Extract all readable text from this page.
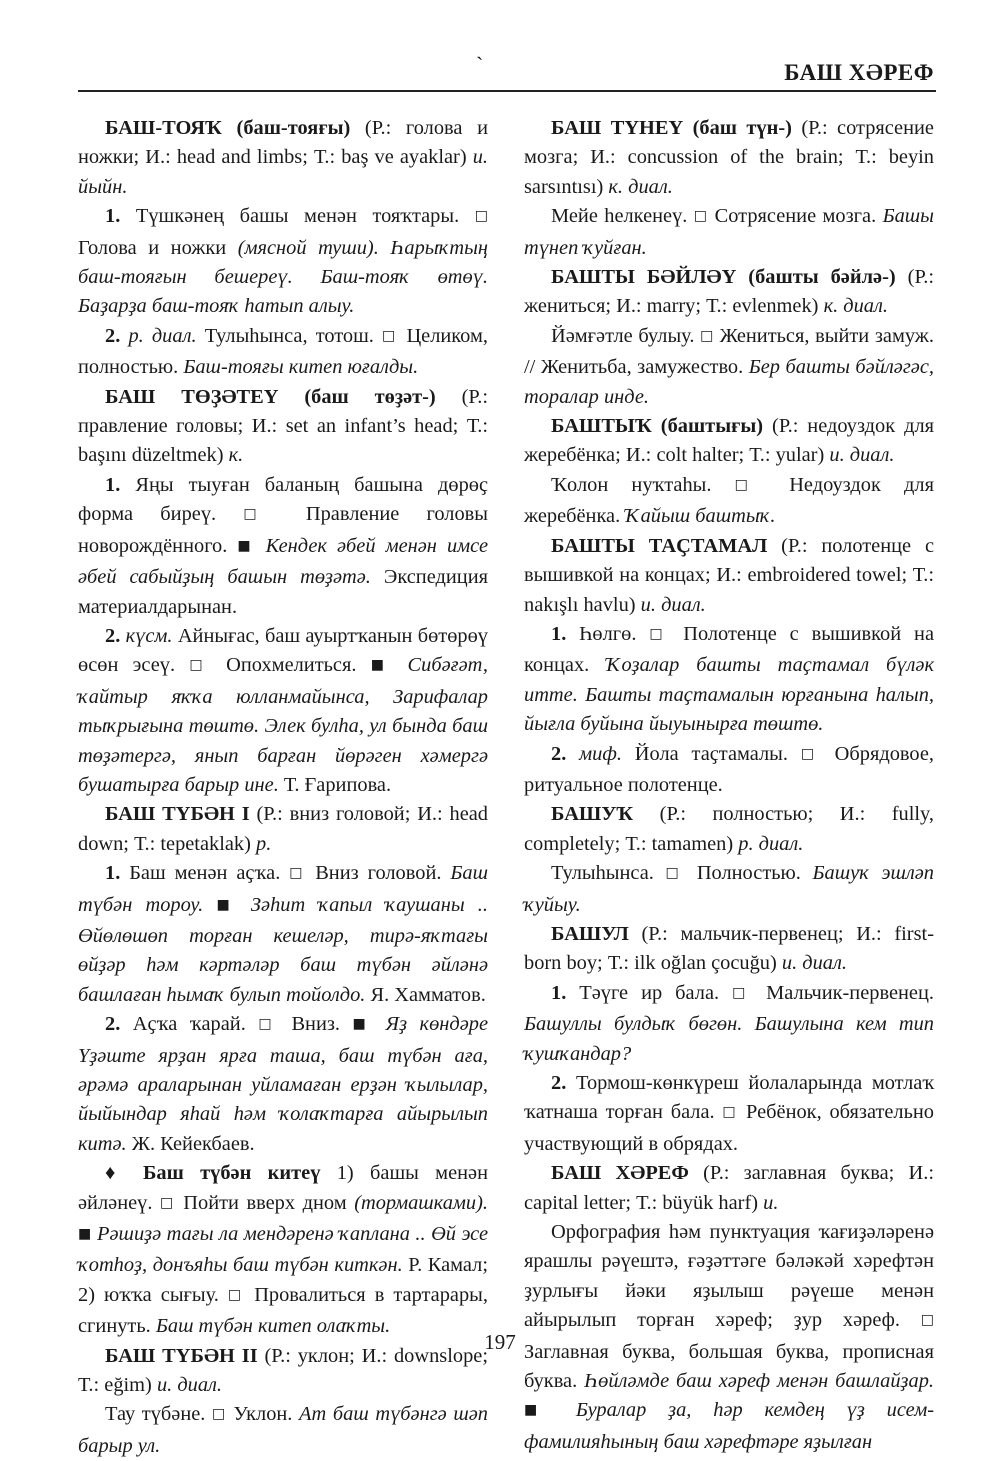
`	БАШ ХӘРЕФ

БАШ-ТОЯҠ (баш-тояғы) (Р.: голова и ножки; И.: head and limbs; Т.: baş ve ayaklar) и. йыйн.

1. Түшкәнең башы менән тояҡтары. □ Голова и ножки (мясной туши). Һарыҡтың баш-тояғын бешереү. Баш-тояҡ өтөү. Баҙарҙа баш-тояҡ һатып алыу.

2. р. диал. Тулыһынса, тотош. □ Целиком, полностью. Баш-тояғы китеп юғалды.

БАШ ТӨҘӘТЕҮ (баш төҙәт-) (Р.: правление головы; И.: set an infant’s head; Т.: başını düzeltmek) к.

1. Яңы тыуған баланың башына дөрөҫ форма биреү. □ Правление головы новорождённого. ■ Кендек әбей менән имсе әбей сабыйҙың башын төҙәтә. Экспедиция материалдарынан.

2. күсм. Айнығас, баш ауыртҡанын бөтөрөү өсөн эсеү. □ Опохмелиться. ■ Сибәғәт, ҡайтыр яҡҡа юлланмайынса, Зарифалар тыҡрығына төштө. Элек булһа, ул бында баш төҙәтергә, янып барған йөрәген хәмергә бушатырға барыр ине. Т. Ғарипова.

БАШ ТҮБӘН I (Р.: вниз головой; И.: head down; Т.: tepetaklak) р.

1. Баш менән аҫҡа. □ Вниз головой. Баш түбән тороу. ■ Зәһит ҡапыл ҡаушаны .. Өйөлөшөп торған кешеләр, тирә-яҡтағы өйҙәр һәм кәртәләр баш түбән әйләнә башлаған һымаҡ булып тойолдо. Я. Хамматов.

2. Аҫҡа ҡарай. □ Вниз. ■ Яҙ көндәре Үҙәште ярҙан ярға таша, баш түбән аға, әрәмә араларынан уйламаған ерҙән ҡылылар, йыйындар яһай һәм ҡолаҡтарға айырылып китә. Ж. Кейекбаев.

♦ Баш түбән китеү 1) башы менән әйләнеү. □ Пойти вверх дном (тормашками). ■ Рәшиҙә тағы ла мендәренә ҡаплана .. Өй эсе ҡотһоҙ, донъяһы баш түбән киткән. Р. Камал; 2) юҡҡа сығыу. □ Провалиться в тартарары, сгинуть. Баш түбән китеп олаҡты.

БАШ ТҮБӘН II (Р.: уклон; И.: downslope; Т.: eğim) и. диал.

Тау түбәне. □ Уклон. Ат баш түбәнгә шәп барыр ул.

БАШ ТҮНЕҮ (баш түн-) (Р.: сотрясение мозга; И.: concussion of the brain; Т.: beyin sarsıntısı) к. диал.

Мейе һелкенеү. □ Сотрясение мозга. Башы түнеп ҡуйған.

БАШТЫ БӘЙЛӘҮ (башты бәйлә-) (Р.: жениться; И.: marry; Т.: evlenmek) к. диал.

Йәмғәтле булыу. □ Жениться, выйти замуж. // Женитьба, замужество. Бер башты бәйләгәс, торалар инде.

БАШТЫҠ (баштығы) (Р.: недоуздок для жеребёнка; И.: colt halter; Т.: yular) и. диал.

Ҡолон нуҡтаһы. □ Недоуздок для жеребёнка. Ҡайыш баштыҡ.

БАШТЫ ТАҪТАМАЛ (Р.: полотенце с вышивкой на концах; И.: embroidered towel; Т.: nakışlı havlu) и. диал.

1. Һөлгө. □ Полотенце с вышивкой на концах. Ҡоҙалар башты таҫтамал бүләк итте. Башты таҫтамалын юрғанына һалып, йығла буйына йыуынырға төштө.

2. миф. Йола таҫтамалы. □ Обрядовое, ритуальное полотенце.

БАШУҠ (Р.: полностью; И.: fully, completely; Т.: tamamen) р. диал.

Тулыһынса. □ Полностью. Башуҡ эшләп ҡуйыу.

БАШУЛ (Р.: мальчик-первенец; И.: first-born boy; Т.: ilk oğlan çocuğu) и. диал.

1. Тәүге ир бала. □ Мальчик-первенец. Башуллы булдыҡ бөгөн. Башулына кем тип ҡушҡандар?

2. Тормош-көнкүреш йолаларында мотлаҡ ҡатнаша торған бала. □ Ребёнок, обязательно участвующий в обрядах.

БАШ ХӘРЕФ (Р.: заглавная буква; И.: capital letter; Т.: büyük harf) и.

Орфография һәм пунктуация ҡағиҙәләренә ярашлы рәүештә, ғәҙәттәге бәләкәй хәрефтән ҙурлығы йәки яҙылыш рәүеше менән айырылып торған хәреф; ҙур хәреф. □ Заглавная буква, большая буква, прописная буква. Һөйләмде баш хәреф менән башлайҙар. ■ Буралар ҙа, һәр кемдең үҙ исем-фамилияһының баш хәрефтәре яҙылған

197
